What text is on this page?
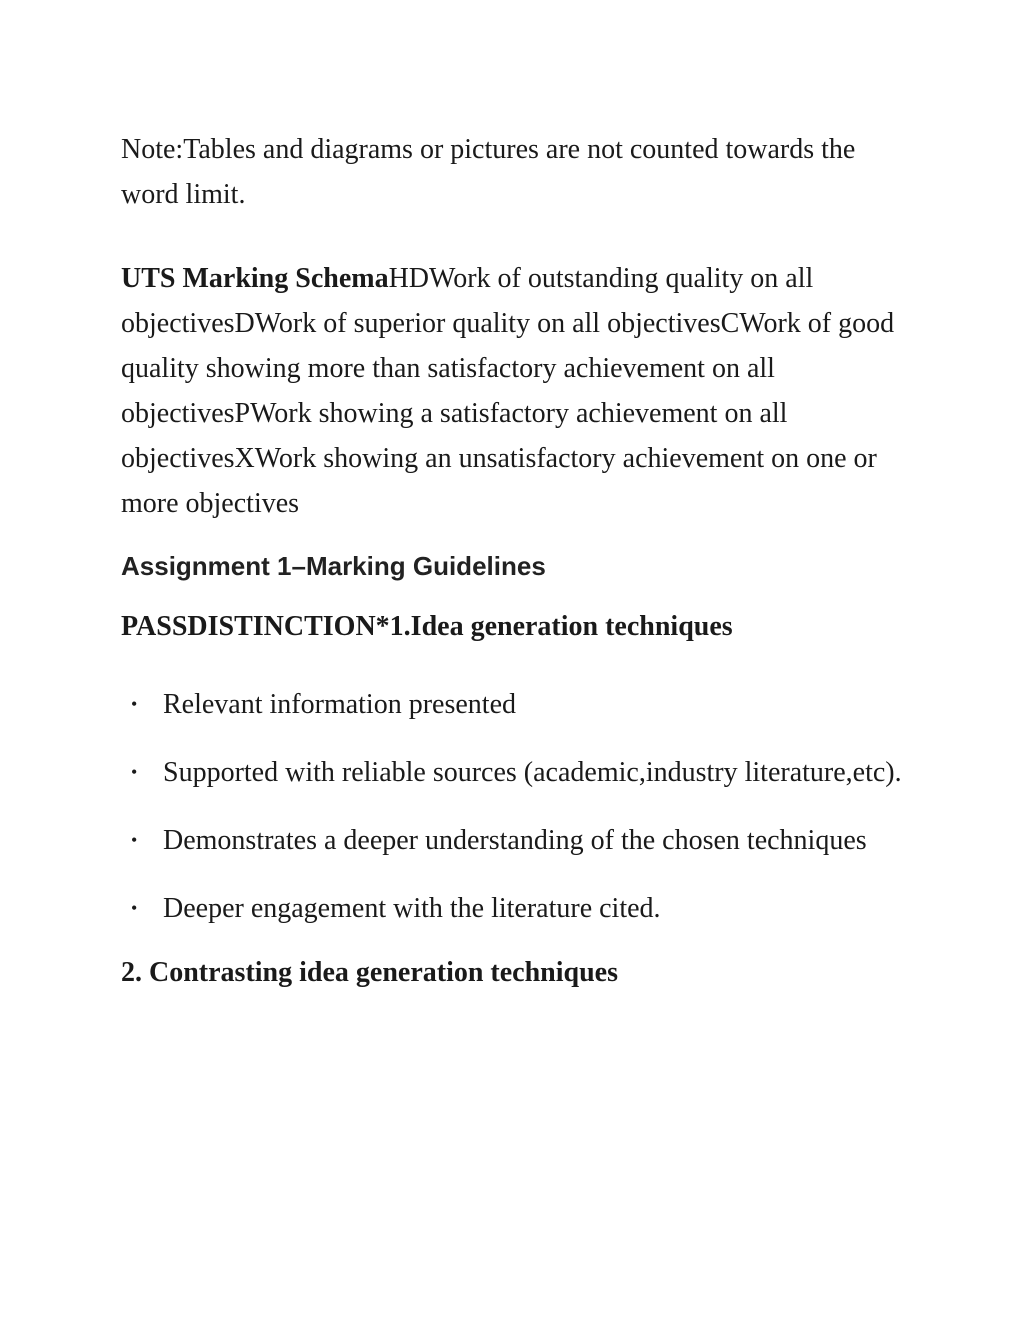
Note:Tables and diagrams or pictures are not counted towards the word limit.

UTS Marking SchemaHDWork of outstanding quality on all objectivesDWork of superior quality on all objectivesCWork of good quality showing more than satisfactory achievement on all objectivesPWork showing a satisfactory achievement on all objectivesXWork showing an unsatisfactory achievement on one or more objectives

Assignment 1–Marking Guidelines
PASSDISTINCTION*1.Idea generation techniques
• Relevant information presented
• Supported with reliable sources (academic,industry literature,etc).
• Demonstrates a deeper understanding of the chosen techniques
• Deeper engagement with the literature cited.
2. Contrasting idea generation techniques
